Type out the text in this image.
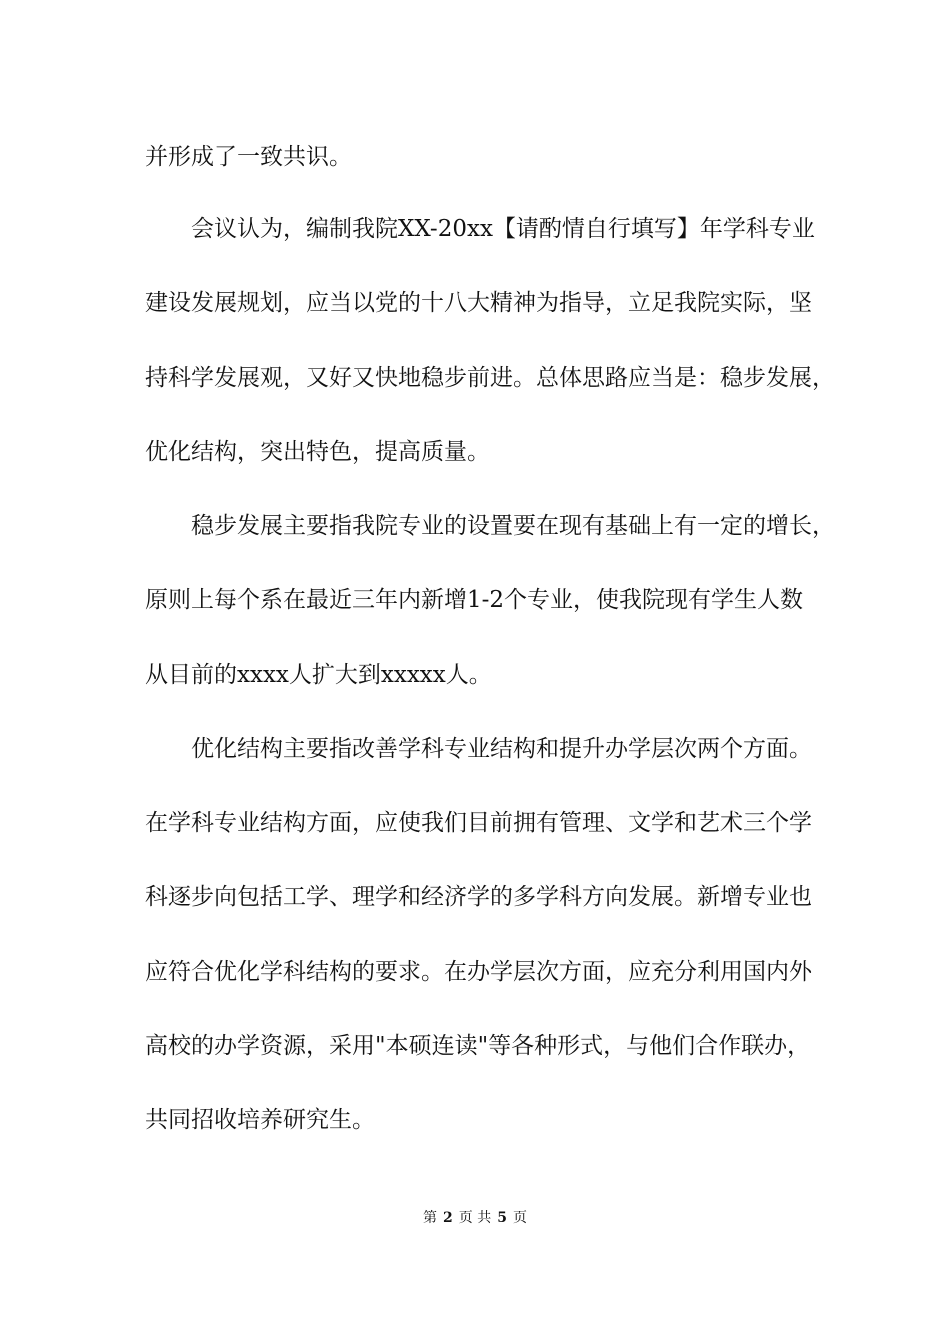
并形成了一致共识。
会议认为，编制我院XX-20xx【请酌情自行填写】年学科专业
建设发展规划，应当以党的十八大精神为指导，立足我院实际，坚
持科学发展观，又好又快地稳步前进。总体思路应当是：稳步发展，
优化结构，突出特色，提高质量。
稳步发展主要指我院专业的设置要在现有基础上有一定的增长，
原则上每个系在最近三年内新增1-2个专业，使我院现有学生人数
从目前的xxxx人扩大到xxxxx人。
优化结构主要指改善学科专业结构和提升办学层次两个方面。
在学科专业结构方面，应使我们目前拥有管理、文学和艺术三个学
科逐步向包括工学、理学和经济学的多学科方向发展。新增专业也
应符合优化学科结构的要求。在办学层次方面，应充分利用国内外
高校的办学资源，采用"本硕连读"等各种形式，与他们合作联办，
共同招收培养研究生。
第 2 页 共 5 页
